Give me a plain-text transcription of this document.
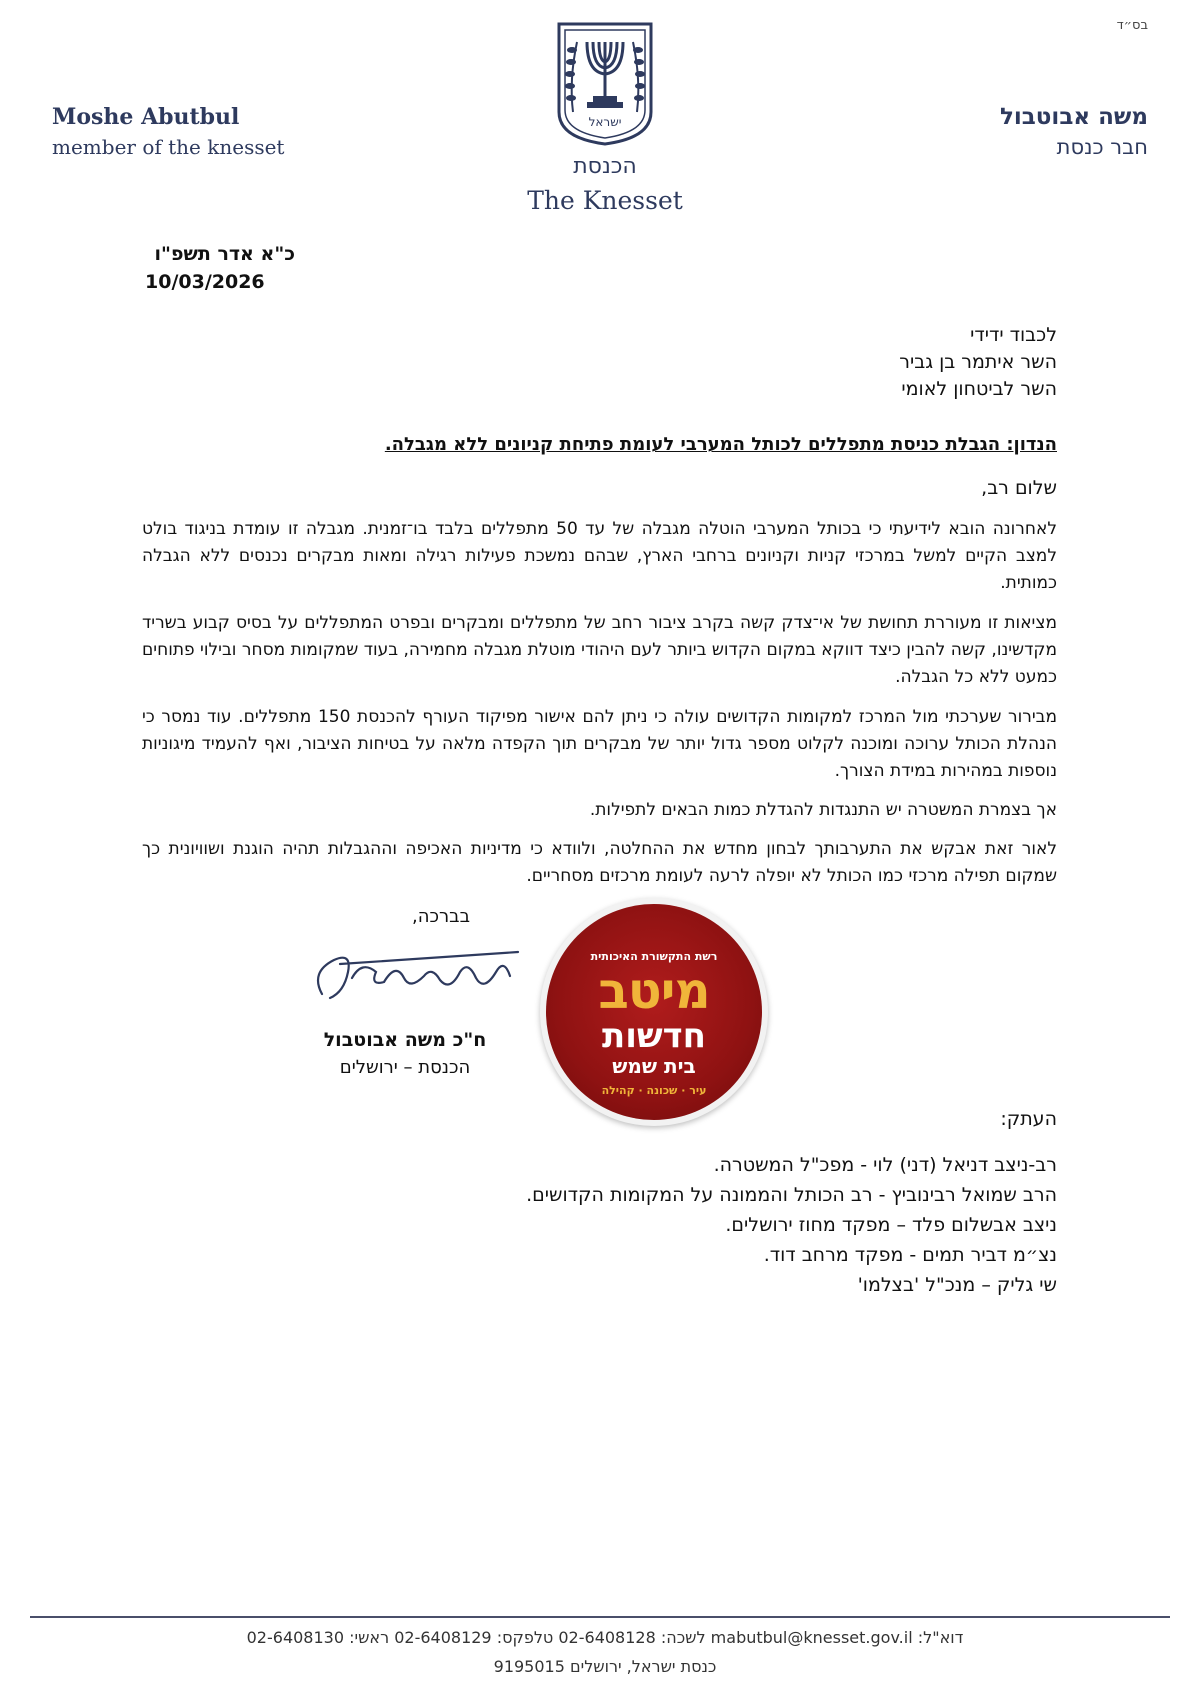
בס״ד
Moshe Abutbul
member of the knesset
משה אבוטבול
חבר כנסת
ישראל
הכנסת
The Knesset
כ"א אדר תשפ"ו
10/03/2026
לכבוד ידידי
השר איתמר בן גביר
השר לביטחון לאומי
הנדון: הגבלת כניסת מתפללים לכותל המערבי לעומת פתיחת קניונים ללא מגבלה.
שלום רב,
לאחרונה הובא לידיעתי כי בכותל המערבי הוטלה מגבלה של עד 50 מתפללים בלבד בו־זמנית. מגבלה זו עומדת בניגוד בולט למצב הקיים למשל במרכזי קניות וקניונים ברחבי הארץ, שבהם נמשכת פעילות רגילה ומאות מבקרים נכנסים ללא הגבלה כמותית.
מציאות זו מעוררת תחושת של אי־צדק קשה בקרב ציבור רחב של מתפללים ומבקרים ובפרט המתפללים על בסיס קבוע בשריד מקדשינו, קשה להבין כיצד דווקא במקום הקדוש ביותר לעם היהודי מוטלת מגבלה מחמירה, בעוד שמקומות מסחר ובילוי פתוחים כמעט ללא כל הגבלה.
מבירור שערכתי מול המרכז למקומות הקדושים עולה כי ניתן להם אישור מפיקוד העורף להכנסת 150 מתפללים. עוד נמסר כי הנהלת הכותל ערוכה ומוכנה לקלוט מספר גדול יותר של מבקרים תוך הקפדה מלאה על בטיחות הציבור, ואף להעמיד מיגוניות נוספות במהירות במידת הצורך.
אך בצמרת המשטרה יש התנגדות להגדלת כמות הבאים לתפילות.
לאור זאת אבקש את התערבותך לבחון מחדש את ההחלטה, ולוודא כי מדיניות האכיפה וההגבלות תהיה הוגנת ושוויונית כך שמקום תפילה מרכזי כמו הכותל לא יופלה לרעה לעומת מרכזים מסחריים.
בברכה,
ח"כ משה אבוטבול
הכנסת – ירושלים
רשת התקשורת האיכותית
מיטב
חדשות
בית שמש
עיר · שכונה · קהילה
העתק:
רב-ניצב דניאל (דני) לוי - מפכ"ל המשטרה.
הרב שמואל רבינוביץ - רב הכותל והממונה על המקומות הקדושים.
ניצב אבשלום פלד – מפקד מחוז ירושלים.
נצ״מ דביר תמים - מפקד מרחב דוד.
שי גליק – מנכ"ל 'בצלמו'
דוא"ל: mabutbul@knesset.gov.il לשכה: 02-6408128 טלפקס: 02-6408129 ראשי: 02-6408130
כנסת ישראל, ירושלים 9195015
